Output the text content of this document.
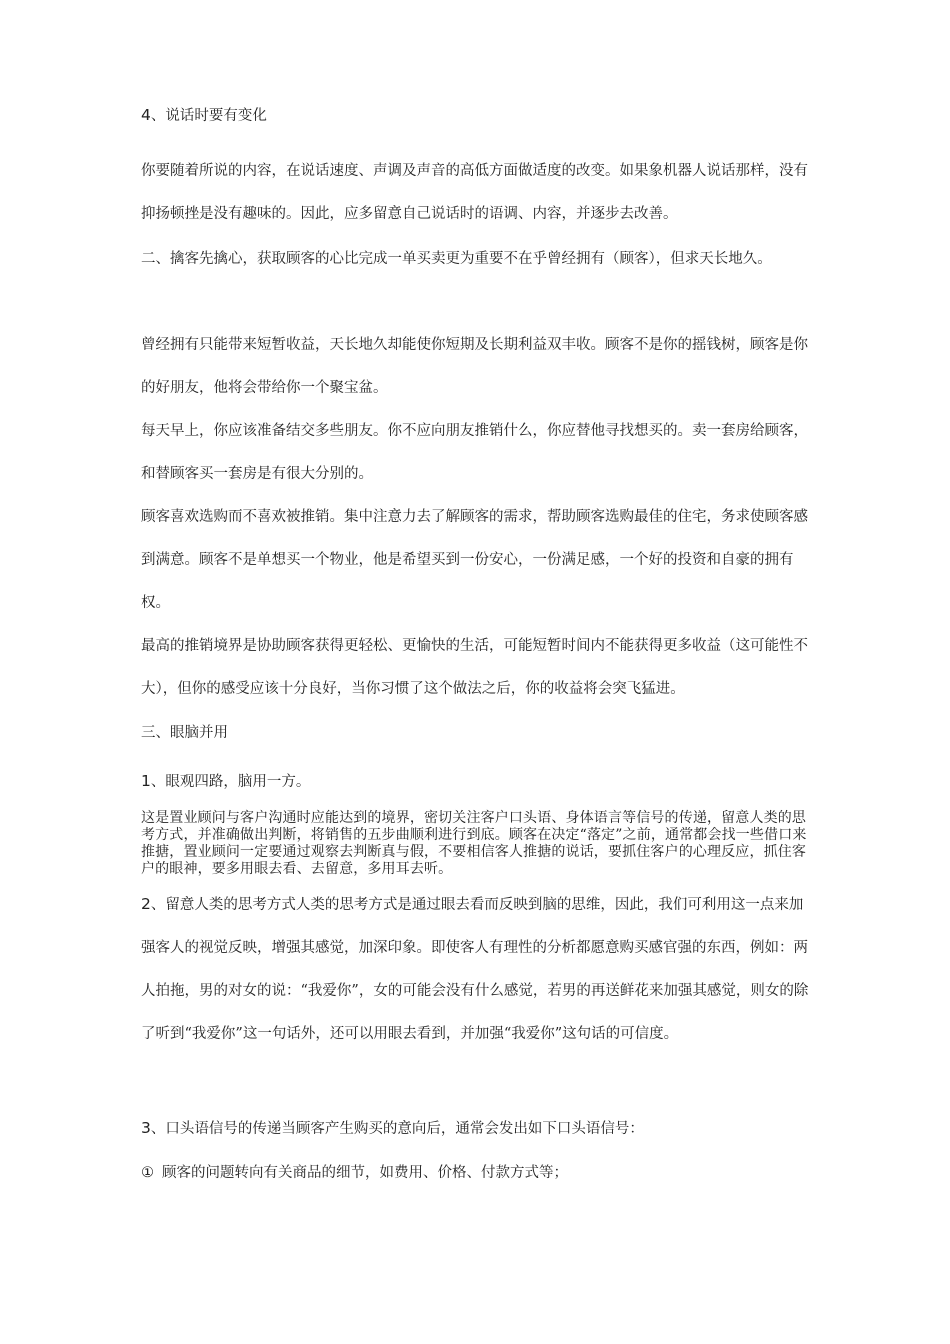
4、说话时要有变化

你要随着所说的内容，在说话速度、声调及声音的高低方面做适度的改变。如果象机器人说话那样，没有抑扬顿挫是没有趣味的。因此，应多留意自己说话时的语调、内容，并逐步去改善。

二、擒客先擒心，获取顾客的心比完成一单买卖更为重要不在乎曾经拥有（顾客），但求天长地久。

曾经拥有只能带来短暂收益，天长地久却能使你短期及长期利益双丰收。顾客不是你的摇钱树，顾客是你的好朋友，他将会带给你一个聚宝盆。

每天早上，你应该准备结交多些朋友。你不应向朋友推销什么，你应替他寻找想买的。卖一套房给顾客，和替顾客买一套房是有很大分别的。

顾客喜欢选购而不喜欢被推销。集中注意力去了解顾客的需求，帮助顾客选购最佳的住宅，务求使顾客感到满意。顾客不是单想买一个物业，他是希望买到一份安心，一份满足感，一个好的投资和自豪的拥有权。

最高的推销境界是协助顾客获得更轻松、更愉快的生活，可能短暂时间内不能获得更多收益（这可能性不大），但你的感受应该十分良好，当你习惯了这个做法之后，你的收益将会突飞猛进。

三、眼脑并用

1、眼观四路，脑用一方。

这是置业顾问与客户沟通时应能达到的境界，密切关注客户口头语、身体语言等信号的传递，留意人类的思考方式，并准确做出判断，将销售的五步曲顺利进行到底。顾客在决定“落定”之前，通常都会找一些借口来推搪，置业顾问一定要通过观察去判断真与假，不要相信客人推搪的说话，要抓住客户的心理反应，抓住客户的眼神，要多用眼去看、去留意，多用耳去听。

2、留意人类的思考方式人类的思考方式是通过眼去看而反映到脑的思维，因此，我们可利用这一点来加强客人的视觉反映，增强其感觉，加深印象。即使客人有理性的分析都愿意购买感官强的东西，例如：两人拍拖，男的对女的说：“我爱你”，女的可能会没有什么感觉，若男的再送鲜花来加强其感觉，则女的除了听到“我爱你”这一句话外，还可以用眼去看到，并加强“我爱你”这句话的可信度。

3、口头语信号的传递当顾客产生购买的意向后，通常会发出如下口头语信号：

① 顾客的问题转向有关商品的细节，如费用、价格、付款方式等；
